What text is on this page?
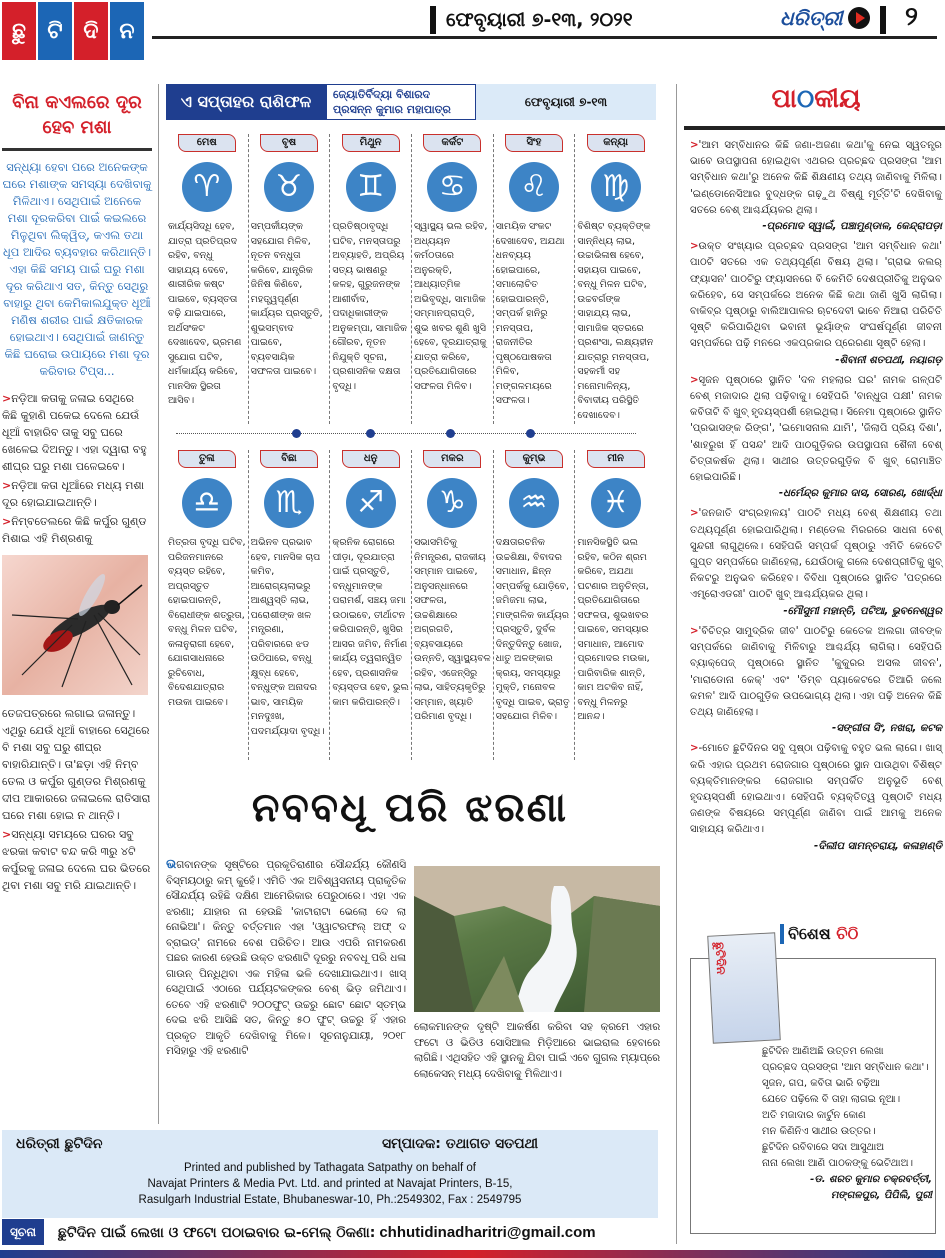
ଛୁ ଟି ଦି ନ	ଫେବୃୟାରୀ ୭-୧୩, ୨୦୨୧	ଧରିତ୍ରୀ ୨
ବିନା କଏଲରେ ଦୂର ହେବ ମଶା

ସନ୍ଧ୍ୟା ହେବା ପରେ ଅନେକଙ୍କ ଘରେ ମଶାଙ୍କ ସମସ୍ୟା ଦେଖିବାକୁ ମିଳିଥାଏ। ସେଥିପାଇଁ ଅନେକେ ମଶା ଦୂରକରିବା ପାଇଁ କଇଲରେ ମିଳୁଥିବା ଲିକ୍ୱିଡ୍, କଏଲ ତଥା ଧୂପ ଆଦିର ବ୍ୟବହାର କରିଥାନ୍ତି। ଏହା କିଛି ସମୟ ପାଇଁ ଘରୁ ମଶା ଦୂର କରିଥାଏ ସତ, କିନ୍ତୁ ସେଥିରୁ ବାହାରୁ ଥିବା କେମିକାଲଯୁକ୍ତ ଧୂଆଁ ମଣିଷ ଶରୀର ପାଇଁ କ୍ଷତିକାରକ ହୋଇଥାଏ। ସେଥିପାଇଁ ଜାଣନ୍ତୁ କିଛି ଘରୋଇ ଉପାୟରେ ମଶା ଦୂର କରିବାର ଟିପ୍ସ...

>ନଡ଼ିଆ କତାକୁ ଜଳାଇ ସେଥିରେ କିଛି କୁହାଣି ପକେଇ ଦେଲେ ଯେଉଁ ଧୂଆଁ ବାହାରିବ ତାକୁ ସବୁ ଘରେ ଖେଳେଇ ଦିଅନ୍ତୁ। ଏହା ଦ୍ୱାରା ବହୁ ଶୀଘ୍ର ଘରୁ ମଶା ପଳେଇବେ।

>ନଡ଼ିଆ କତା ଧୂଆଁରେ ମଧ୍ୟ ମଶା ଦୂର ହୋଇଯାଇଥାନ୍ତି।

>ନିମ୍ବତେଲରେ କିଛି କର୍ପୁର ଗୁଣ୍ଡ ମିଶାଇ ଏହି ମିଶ୍ରଣକୁ

ତେଜପତ୍ରରେ ଲଗାଇ ଜଳାନ୍ତୁ। ଏଥିରୁ ଯେଉଁ ଧୂଆଁ ବାହାରେ ସେଥିରେ ବି ମଶା ସବୁ ଘରୁ ଶୀଘ୍ର ବାହାରିଯାନ୍ତି। ତା'ଛଡ଼ା ଏହି ନିମ୍ବ ତେଲ ଓ କର୍ପୁର ଗୁଣ୍ଡର ମିଶ୍ରଣକୁ ଦୀପ ଆକାରରେ ଜଳାଇଲେ ରାତିସାରା ଘରେ ମଶା ହୋଇ ନ ଥାନ୍ତି।

>ସନ୍ଧ୍ୟା ସମୟରେ ଘରର ସବୁ ଝରକା କବାଟ ବନ୍ଦ କରି ୩ରୁ ୪ଟି କର୍ପୁରକୁ ଜଳାଇ ଦେଲେ ଘର ଭିତରେ ଥିବା ମଶା ସବୁ ମରି ଯାଇଥାନ୍ତି।

ଏ ସପ୍ତାହର ରାଶିଫଳ	ଜ୍ୟୋତିର୍ବିଦ୍ୟା ବିଶାରଦ ପ୍ରସନ୍ନ କୁମାର ମହାପାତ୍ର
ଫେବୃୟାରୀ ୭-୧୩
ମେଷ
♈

କାର୍ଯ୍ୟସିଦ୍ଧି ହେବ, ଯାତ୍ରା ପ୍ରତିପ୍ରଦ ରହିବ, ବନ୍ଧୁ ସାହାଯ୍ୟ ଦେବେ, ଶାରୀରିକ କଷ୍ଟ ପାଇବେ, ବ୍ୟସ୍ତତା ବଢ଼ି ଯାଇପାରେ, ଅର୍ଥସଂକଟ ଦେଖାଦେବ, ଭ୍ରମଣ ସୁଯୋଗ ଘଟିବ, ଧର୍ମକାର୍ଯ୍ୟ କରିବେ, ମାନସିକ ସ୍ଥିରତା ଆସିବ।

ବୃଷ
♉

ସମ୍ପର୍କୀୟଙ୍କ ସହଯୋଗ ମିଳିବ, ନୂତନ ବନ୍ଧୁତା କରିବେ, ଯାନ୍ତ୍ରିକ ଜିନିଷ କିଣିବେ, ମହତ୍ତ୍ୱପୂର୍ଣ୍ଣ କାର୍ଯ୍ୟର ପ୍ରସ୍ତୁତି, ଶୁଭସମ୍ବାଦ ପାଇବେ, ବ୍ୟବସାୟିକ ସଫଳତା ପାଇବେ।

ମିଥୁନ
♊

ପ୍ରତିଷ୍ଠାବୃଦ୍ଧି ଘଟିବ, ମନସ୍ତାପରୁ ଅବ୍ୟାହତି, ଅପ୍ରିୟ ସତ୍ୟ ଭାଷଣରୁ କଳହ, ଗୁରୁଜନଙ୍କ ଆଶୀର୍ବାଦ, ପଦାଧିକାରୀଙ୍କ ଅନୁକମ୍ପା, ସାମାଜିକ ଗୌରବ, ନୂତନ ନିଯୁକ୍ତି ସୂଚନା, ପ୍ରଶାସନିକ ଦକ୍ଷତା ବୃଦ୍ଧି।

କର୍କଟ
♋

ସ୍ୱାସ୍ଥ୍ୟ ଭଲ ରହିବ, ଅଧ୍ୟୟନ କର୍ମଠତାରେ ଅନୁରକ୍ତି, ଆଧ୍ୟାତ୍ମିକ ଅଭିବୃଦ୍ଧି, ସାମାଜିକ ସମ୍ମାନପ୍ରାପ୍ତି, ଶୁଭ ଖବର ଶୁଣି ଖୁସି ହେବେ, ଦୂରଯାତ୍ରାକୁ ଯାତ୍ରା କରିବେ, ପ୍ରତିଯୋଗିତାରେ ସଫଳତା ମିଳିବ।

ସିଂହ
♌

ସାମୟିକ ସଂକଟ ଦେଖାଦେବ, ଅଯଥା ଧନବ୍ୟୟ ହୋଇପାରେ, ସମାଲୋଚିତ ହୋଇପାରନ୍ତି, ସମ୍ପର୍କ ହାନିରୁ ମନସ୍ତାପ, ରାଜନୀତିର ପୃଷ୍ଠପୋଷକତା ମିଳିବ, ମଙ୍ଗଳମୟରେ ସଫଳତା।

କନ୍ୟା
♍

ବିଶିଷ୍ଟ ବ୍ୟକ୍ତିଙ୍କ ସାନ୍ନିଧ୍ୟ ଲାଭ, ଉଚ୍ଚାଭିଳାଷ ହେବେ, ସହାୟତା ପାଇବେ, ବନ୍ଧୁ ମିଳନ ଘଟିବ, ଉଚ୍ଚବର୍ଗଙ୍କ ସାହାଯ୍ୟ ଲାଭ, ସାମାଜିକ ସ୍ତରରେ ପ୍ରଶଂସା, ଲକ୍ଷ୍ୟହୀନ ଯାତ୍ରାରୁ ମନସ୍ତାପ, ସହକର୍ମୀ ସହ ମନୋମାଳିନ୍ୟ, ବିବାଦୀୟ ପରିସ୍ଥିତି ଦେଖାଦେବ।

ତୁଳା
♎

ମିତ୍ରତା ବୃଦ୍ଧି ଘଟିବ, ପରିଜନମାନରେ ବ୍ୟସ୍ତ ରହିବେ, ଅପ୍ରସ୍ତୁତ ହୋଇପାରନ୍ତି, ବିରୋଧୀଙ୍କ ଶତ୍ରୁତା, ବନ୍ଧୁ ମିଳନ ଘଟିବ, କଳାନୁରାଗୀ ହେବେ, ଯୋଗସାଧନାରେ ରୁଚିବୋଧ, ବିଦେଶଯାତ୍ରାର ମଉକା ପାଇବେ।

ବିଛା
♏

ଅଭିନବ ପ୍ରଭାବ ହେବ, ମାନସିକ ଚାପ କମିବ, ଆରୋଗ୍ୟଲାଭରୁ ଆଶ୍ୱସ୍ତି ଲାଭ, ପରୋଶୀଙ୍କ ଖଳ ମନ୍ତ୍ରଣା, ପରିବାରରେ ଝଡ ଉଠିପାରେ, ବନ୍ଧୁ କ୍ଷୁବ୍ଧ ହେବେ, ବନ୍ଧୁଙ୍କ ଅନାଦର ଭାବ, ସାମୟିକ ମନଦୁଃଖ, ପଦମର୍ଯ୍ୟାଦା ବୃଦ୍ଧି।

ଧନୁ
♐

କ୍ରନିକ ରୋଗରେ ପୀଡ଼ା, ଦୂରଯାତ୍ରା ପାଇଁ ପ୍ରସ୍ତୁତି, ବନ୍ଧୁମାନଙ୍କ ପରାମର୍ଶ, ସଞ୍ଚୟ ଜମା ଉଠାଇବେ, ତୀର୍ଥାଟନ କରିପାରନ୍ତି, ଖୁସିର ଆସର ଜମିବ, ନିର୍ମାଣ କାର୍ଯ୍ୟ ତ୍ୱରାନ୍ୱିତ ହେବ, ପ୍ରଶାସନିକ ବ୍ୟସ୍ତତା ହେବ, ଭୁଲ କାମ କରିପାରନ୍ତି।

ମକର
♑

ସଭାସମିତିକୁ ନିମନ୍ତ୍ରଣ, ରାଜକୀୟ ସମ୍ମାନ ପାଇବେ, ଅନୁସନ୍ଧାନରେ ସଫଳତା, ଉଚ୍ଚଶିକ୍ଷାରେ ଅଗ୍ରଗତି, ବ୍ୟବସାୟରେ ଉନ୍ନତି, ସ୍ୱାସ୍ଥ୍ୟବଳ ରହିବ, ଏଜେନ୍ସିରୁ ଲାଭ, ସାହିତ୍ୟକୃତିରୁ ସମ୍ମାନ, ଖ୍ୟାତି ପରିମାଣ ବୃଦ୍ଧି।

କୁମ୍ଭ
♒

ଦକ୍ଷତାରଚନିକ ଉଚ୍ଚଶିକ୍ଷା, ବିବାଦର ସମାଧାନ, ଛିନ୍ନ ସମ୍ପର୍କକୁ ଯୋଡ଼ିବେ, ଜମିଜମା ଲାଭ, ମାଙ୍ଗଳିକ କାର୍ଯ୍ୟର ପ୍ରସ୍ତୁତି, ଦୁର୍ବଳ ଦିନ୍ତୁଦିନ୍ତୁ ଖୋଜ, ଧାତୁ ଅଳଙ୍କାର କ୍ରୟ, ସମସ୍ୟାରୁ ମୁକ୍ତି, ମନୋବଳ ବୃଦ୍ଧି ପାଇବ, ଭ୍ରାତୃ ସହଯୋଗ ମିଳିବ।

ମୀନ
♓

ମାନସିକସ୍ଥିତି ଭଲ ରହିବ, କଠିନ ଶ୍ରମ କରିବେ, ଅଯଥା ଘଟଣାର ଅନୁଚିନ୍ତା, ପ୍ରତିଯୋଗିତାରେ ସଫଳତା, ଶୁଭଖବର ପାଇବେ, ସମସ୍ୟାର ସମାଧାନ, ଆମୋଦ ପ୍ରମୋଦର ମଉକା, ପାରିବାରିକ ଶାନ୍ତି, କାମ ଅଟକିବ ନାହିଁ, ବନ୍ଧୁ ମିଳନରୁ ଆନନ୍ଦ।

ନବବଧୂ ପରି ଝରଣା

ଭଗବାନଙ୍କ ସୃଷ୍ଟିରେ ପ୍ରକୃତିରାଣୀର ସୌନ୍ଦର୍ଯ୍ୟ କୌଣସି ବିସ୍ମୟଠାରୁ କମ୍ କୁହେଁ। ଏମିତି ଏକ ଅବିଶ୍ୱସନୀୟ ପ୍ରାକୃତିକ ସୌନ୍ଦର୍ଯ୍ୟ ରହିଛି ଦକ୍ଷିଣ ଆମେରିକାର ପେରୁଠାରେ। ଏହା ଏକ ଝରଣା; ଯାହାର ନା ହେଉଛି 'କାଟାରାଟା ଭେଲୋ ଦେ ଲା ନୋଭିଆ'। କିନ୍ତୁ ବର୍ତ୍ତମାନ ଏହା 'ଓ୍ୱାଟରଫଲ୍ ଅଫ୍ ଦ ବ୍ରାଇଡ୍' ନାମରେ ବେଶ ପରିଚିତ। ଆଉ ଏପରି ନାମକରଣ ପଛର କାରଣ ହେଉଛି ଉକ୍ତ ଝରଣାଟି ଦୂରରୁ ନବବଧୂ ପରି ଧଳା ଗାଉନ୍ ପିନ୍ଧିଥିବା ଏକ ମହିଳା ଭଳି ଦେଖାଯାଇଥାଏ। ଖାସ୍ ସେଥିପାଇଁ ଏଠାରେ ପର୍ଯ୍ୟଟକଙ୍କର ବେଶ୍ ଭିଡ଼ ଜମିଥାଏ। ତେବେ ଏହି ଝରଣାଟି ୨୦୦ଫୁଟ୍ ଉଚ୍ଚରୁ ଛୋଟ ଛୋଟ ସ୍ତମ୍ଭ ଦେଇ ଝରି ଆସିଛି ସତ, କିନ୍ତୁ ୫୦ ଫୁଟ୍ ଉଚ୍ଚରୁ ହିଁ ଏହାର ପ୍ରକୃତ ଆକୃତି ଦେଖିବାକୁ ମିଳେ। ସୂଚନାନୁଯାୟୀ, ୨୦୧୮ ମସିହାରୁ ଏହି ଝରଣାଟି

ଲୋକମାନଙ୍କ ଦୃଷ୍ଟି ଆକର୍ଷଣ କରିବା ସହ କ୍ରମେ ଏହାର ଫଟୋ ଓ ଭିଡିଓ ସୋସିଆଲ ମିଡ଼ିଆରେ ଭାଇରାଲ ହେବାରେ ଲାଗିଛି। ଏଥିସହିତ ଏହି ସ୍ଥାନକୁ ଯିବା ପାଇଁ ଏବେ ଗୁଗଲ ମ୍ୟାପ୍‌ରେ ଲୋକେସନ୍ ମଧ୍ୟ ଦେଖିବାକୁ ମିଳିଥାଏ।

ପାଠକୀୟ

>'ଆମ ସମ୍ବିଧାନର କିଛି ଜଣା-ଅଜଣା କଥା'କୁ ନେଇ ସ୍ୱତନ୍ତ୍ର ଭାବେ ଉପସ୍ଥାପନା ହୋଇଥିବା ଏଥରର ପ୍ରଚ୍ଛଦ ପ୍ରସଙ୍ଗ 'ଆମ ସମ୍ବିଧାନ କଥା'ରୁ ଅନେକ କିଛି ଶିକ୍ଷଣୀୟ ତଥ୍ୟ ଜାଣିବାକୁ ମିଳିଲା। 'ଇଣ୍ଡୋନେସିଆର ବୁଦ୍ଧଙ୍କ ଗଢ଼ୁଥ ବିଷ୍ଣୁ ମୂର୍ତ୍ତି'ଟି ଦେଖିବାକୁ ସତରେ ବେଶ୍ ଆଶ୍ଚର୍ଯ୍ୟକର ଥିଲା।

-ପ୍ରମୋଦ ସ୍ୱାଇଁ, ପଞ୍ଚାମୁଣ୍ଡାଳ, କେନ୍ଦ୍ରାପଡ଼ା

>ଉକ୍ତ ସଂଖ୍ୟାର ପ୍ରଚ୍ଛଦ ପ୍ରସଙ୍ଗ 'ଆମ ସମ୍ବିଧାନ କଥା' ପାଠଟି ସତରେ ଏକ ତଥ୍ୟପୂର୍ଣ୍ଣ ବିଷୟ ଥିଲା। 'ଗ୍ରାଭ କଲର୍ ଫ୍ୟାସନ' ପାଠଟିରୁ ଫ୍ୟାସନରେ ବି କେମିତି ଦେଶପ୍ରୀତିକୁ ଅନୁଭବ କରିହେବ, ସେ ସମ୍ପର୍କରେ ଅନେକ କିଛି କଥା ଜାଣି ଖୁସି ଲାଗିଲା। ବାକିବ୍ର ପୃଷ୍ଠାରୁ ବାଲିଆପାଳର ଋଟଦେବୀ ଭାବେ ନିଆରା ପରିଚିତି ସୃଷ୍ଟି କରିପାରିଥିବା ଭବାନୀ ଭୂୟାଁଙ୍କ ସଂଘର୍ଷପୂର୍ଣ୍ଣ ଜୀବନୀ ସମ୍ପର୍କରେ ପଢ଼ି ମନରେ ଏକପ୍ରକାର ପ୍ରେରଣା ସୃଷ୍ଟି ହେଲା।

-ଶିବାନୀ ଶତପଥୀ, ନୟାଗଡ଼

>ସୃଜନ ପୃଷ୍ଠାରେ ସ୍ଥାନିତ 'ଦଳ ମହଲାର ଘର' ନାମକ ଗଳ୍ପଟି ବେଶ୍ ମଜାଦାର ଥିଲା ପଢ଼ିବାକୁ। ସେହିପରି 'ବାନ୍ଧୁତା ପକ୍ଷୀ' ନାମକ କବିତାଟି ବି ଖୁବ୍ ହୃଦୟସ୍ପର୍ଶୀ ହୋଇଥିଲା। ସିନେମା ପୃଷ୍ଠାରେ ସ୍ଥାନିତ 'ପ୍ରଭାସଙ୍କ ରିଙ୍ଗ', 'ଇମୋସନାଲ ଯାମି', 'ଜିଲାପି ପ୍ରିୟ ଦିଶା', 'ଶାହରୁଖ ହିଁ ପସନ୍ଦ' ଆଦି ପାଠଗୁଡ଼ିକର ଉପସ୍ଥାପନା ଶୈଳୀ ବେଶ୍ ଚିତ୍ତାକର୍ଷକ ଥିଲା। ସାଥୀର ଉତ୍ତରଗୁଡ଼ିକ ବି ଖୁବ୍ ରୋମାଞ୍ଚିତ ହୋଇପାରିଛି।

-ଧର୍ମେନ୍ଦ୍ର କୁମାର ଦାସ, ସୋରଣ, ଖୋର୍ଦ୍ଧା

>'ଜନଜାତି ସଂଗ୍ରହାଳୟ' ପାଠଟି ମଧ୍ୟ ବେଶ୍ ଶିକ୍ଷଣୀୟ ତଥା ତଥ୍ୟପୂର୍ଣ୍ଣ ହୋଇପାରିଥିଲା। ମଣ୍ଡେଲ ମିରରରେ ସାଧନା ବେଶ୍ ସୁନ୍ଦରୀ ଲାଗୁଥିଲେ। ସେହିପରି ସମ୍ପର୍କ ପୃଷ୍ଠାରୁ ଏମିତି କେତେଟି ଗୁପ୍ତ ସମ୍ପର୍କରେ ଜାଣିହେଲା, ଯେଉଁଠାକୁ ଗଲେ ଦେଶପ୍ରୀତିକୁ ଖୁବ୍ ନିକଟରୁ ଅନୁଭବ କରିହେବ। ବିବିଧା ପୃଷ୍ଠାରେ ସ୍ଥାନିତ 'ପତ୍ରରେ ଏମ୍ବ୍ରୋଏଡରୀ' ପାଠଟି ଖୁବ୍ ଆଶ୍ଚର୍ଯ୍ୟକର ଥିଲା।

-ମୌସୁମୀ ମହାନ୍ତି, ପଟିଆ, ଭୁବନେଶ୍ୱର

>'ବିଚିତ୍ର ସାମୁଦ୍ରିକ ଜୀବ' ପାଠଟିରୁ କେତେକ ଅଲଗା ଜୀବଙ୍କ ସମ୍ପର୍କରେ ଜାଣିବାକୁ ମିଳିବାରୁ ଆଶ୍ଚର୍ଯ୍ୟ ଲାଗିଲା। ସେହିପରି ବ୍ୟାକ୍‌ପେଜ୍ ପୃଷ୍ଠାରେ ସ୍ଥାନିତ 'କୁକୁରର ଅସଲ ଜୀବନ', 'ମାରାଡୋନା କେକ୍' ଏବଂ 'ଡିମ୍ବ ପ୍ୟାକେଟରେ ତିଆରି ଜଲେ କମଳ' ଆଦି ପାଠଗୁଡ଼ିକ ଉପଭୋଗ୍ୟ ଥିଲା। ଏହା ପଢ଼ି ଅନେକ କିଛି ତଥ୍ୟ ଜାଣିହେଲା।

-ସଙ୍ଗୀତା ସିଂ, ନଖରା, କଟକ

>-ମୋତେ ଛୁଟିଦିନର ସବୁ ପୃଷ୍ଠା ପଢ଼ିବାକୁ ବହୁତ ଭଲ ଲାଗେ। ଖାସ୍ କରି ଏହାର ପ୍ରଥମ ରୋଜଗାର ପୃଷ୍ଠାରେ ସ୍ଥାନ ପାଉଥିବା ବିଶିଷ୍ଟ ବ୍ୟକ୍ତିମାନଙ୍କର ରୋଜଗାର ସମ୍ପର୍କିତ ଅନୁଭୂତି ବେଶ୍ ହୃଦୟସ୍ପର୍ଶୀ ହୋଇଥାଏ। ସେହିପରି ବ୍ୟକ୍ତିତ୍ୱ ପୃଷ୍ଠାଟି ମଧ୍ୟ ଜଣଙ୍କ ବିଷୟରେ ସମ୍ପୂର୍ଣ୍ଣ ଜାଣିବା ପାଇଁ ଆମକୁ ଅନେକ ସାହାଯ୍ୟ କରିଥାଏ।

-ଦିଲୀପ ସାମନ୍ତରାୟ, କଳାହାଣ୍ଡି
ବିଶେଷ ଚିଠି
ଛୁଟିଦିନ
ଛୁଟିଦିନ ଆଣିଅଛି ଉତ୍ତମ ଲେଖା
ପ୍ରଚ୍ଛଦ ପ୍ରସଙ୍ଗ 'ଆମ ସମ୍ବିଧାନ କଥା'।
ସୃଜନ, ଗପ, କବିତା ଭାରି ବଢ଼ିଆ
ଯେତେ ପଢ଼ିଲେ ବି ତାହା ଲାଗଇ ନୂଆ।
ଅତି ମଜାଦାର କାର୍ଟୁନ କୋଣ
ମନ କିଣିନିଏ ସାଥୀର ଉତ୍ତର।
ଛୁଟିଦିନ ରବିବାରେ ସଦା ଆସୁଥାଅ
ନାନା ଲେଖା ଆଣି ପାଠକଙ୍କୁ ଭେଟିଥାଅ।
-ଡ. ଶରତ କୁମାର ଚକ୍ରବର୍ତ୍ତୀ,
ମଙ୍ଗଳପୁର, ପିପିଲି, ପୁରୀ
ଧରିତ୍ରୀ ଛୁଟିଦିନ	ସମ୍ପାଦକ: ତଥାଗତ ସତପଥୀ
Printed and published by Tathagata Satpathy on behalf of
Navajat Printers & Media Pvt. Ltd. and printed at Navajat Printers, B-15,
Rasulgarh Industrial Estate, Bhubaneswar-10, Ph.:2549302, Fax : 2549795
ସୂଚନା	ଛୁଟିଦିନ ପାଇଁ ଲେଖା ଓ ଫଟୋ ପଠାଇବାର ଇ-ମେଲ୍ ଠିକଣା: chhutidinadharitri@gmail.com
